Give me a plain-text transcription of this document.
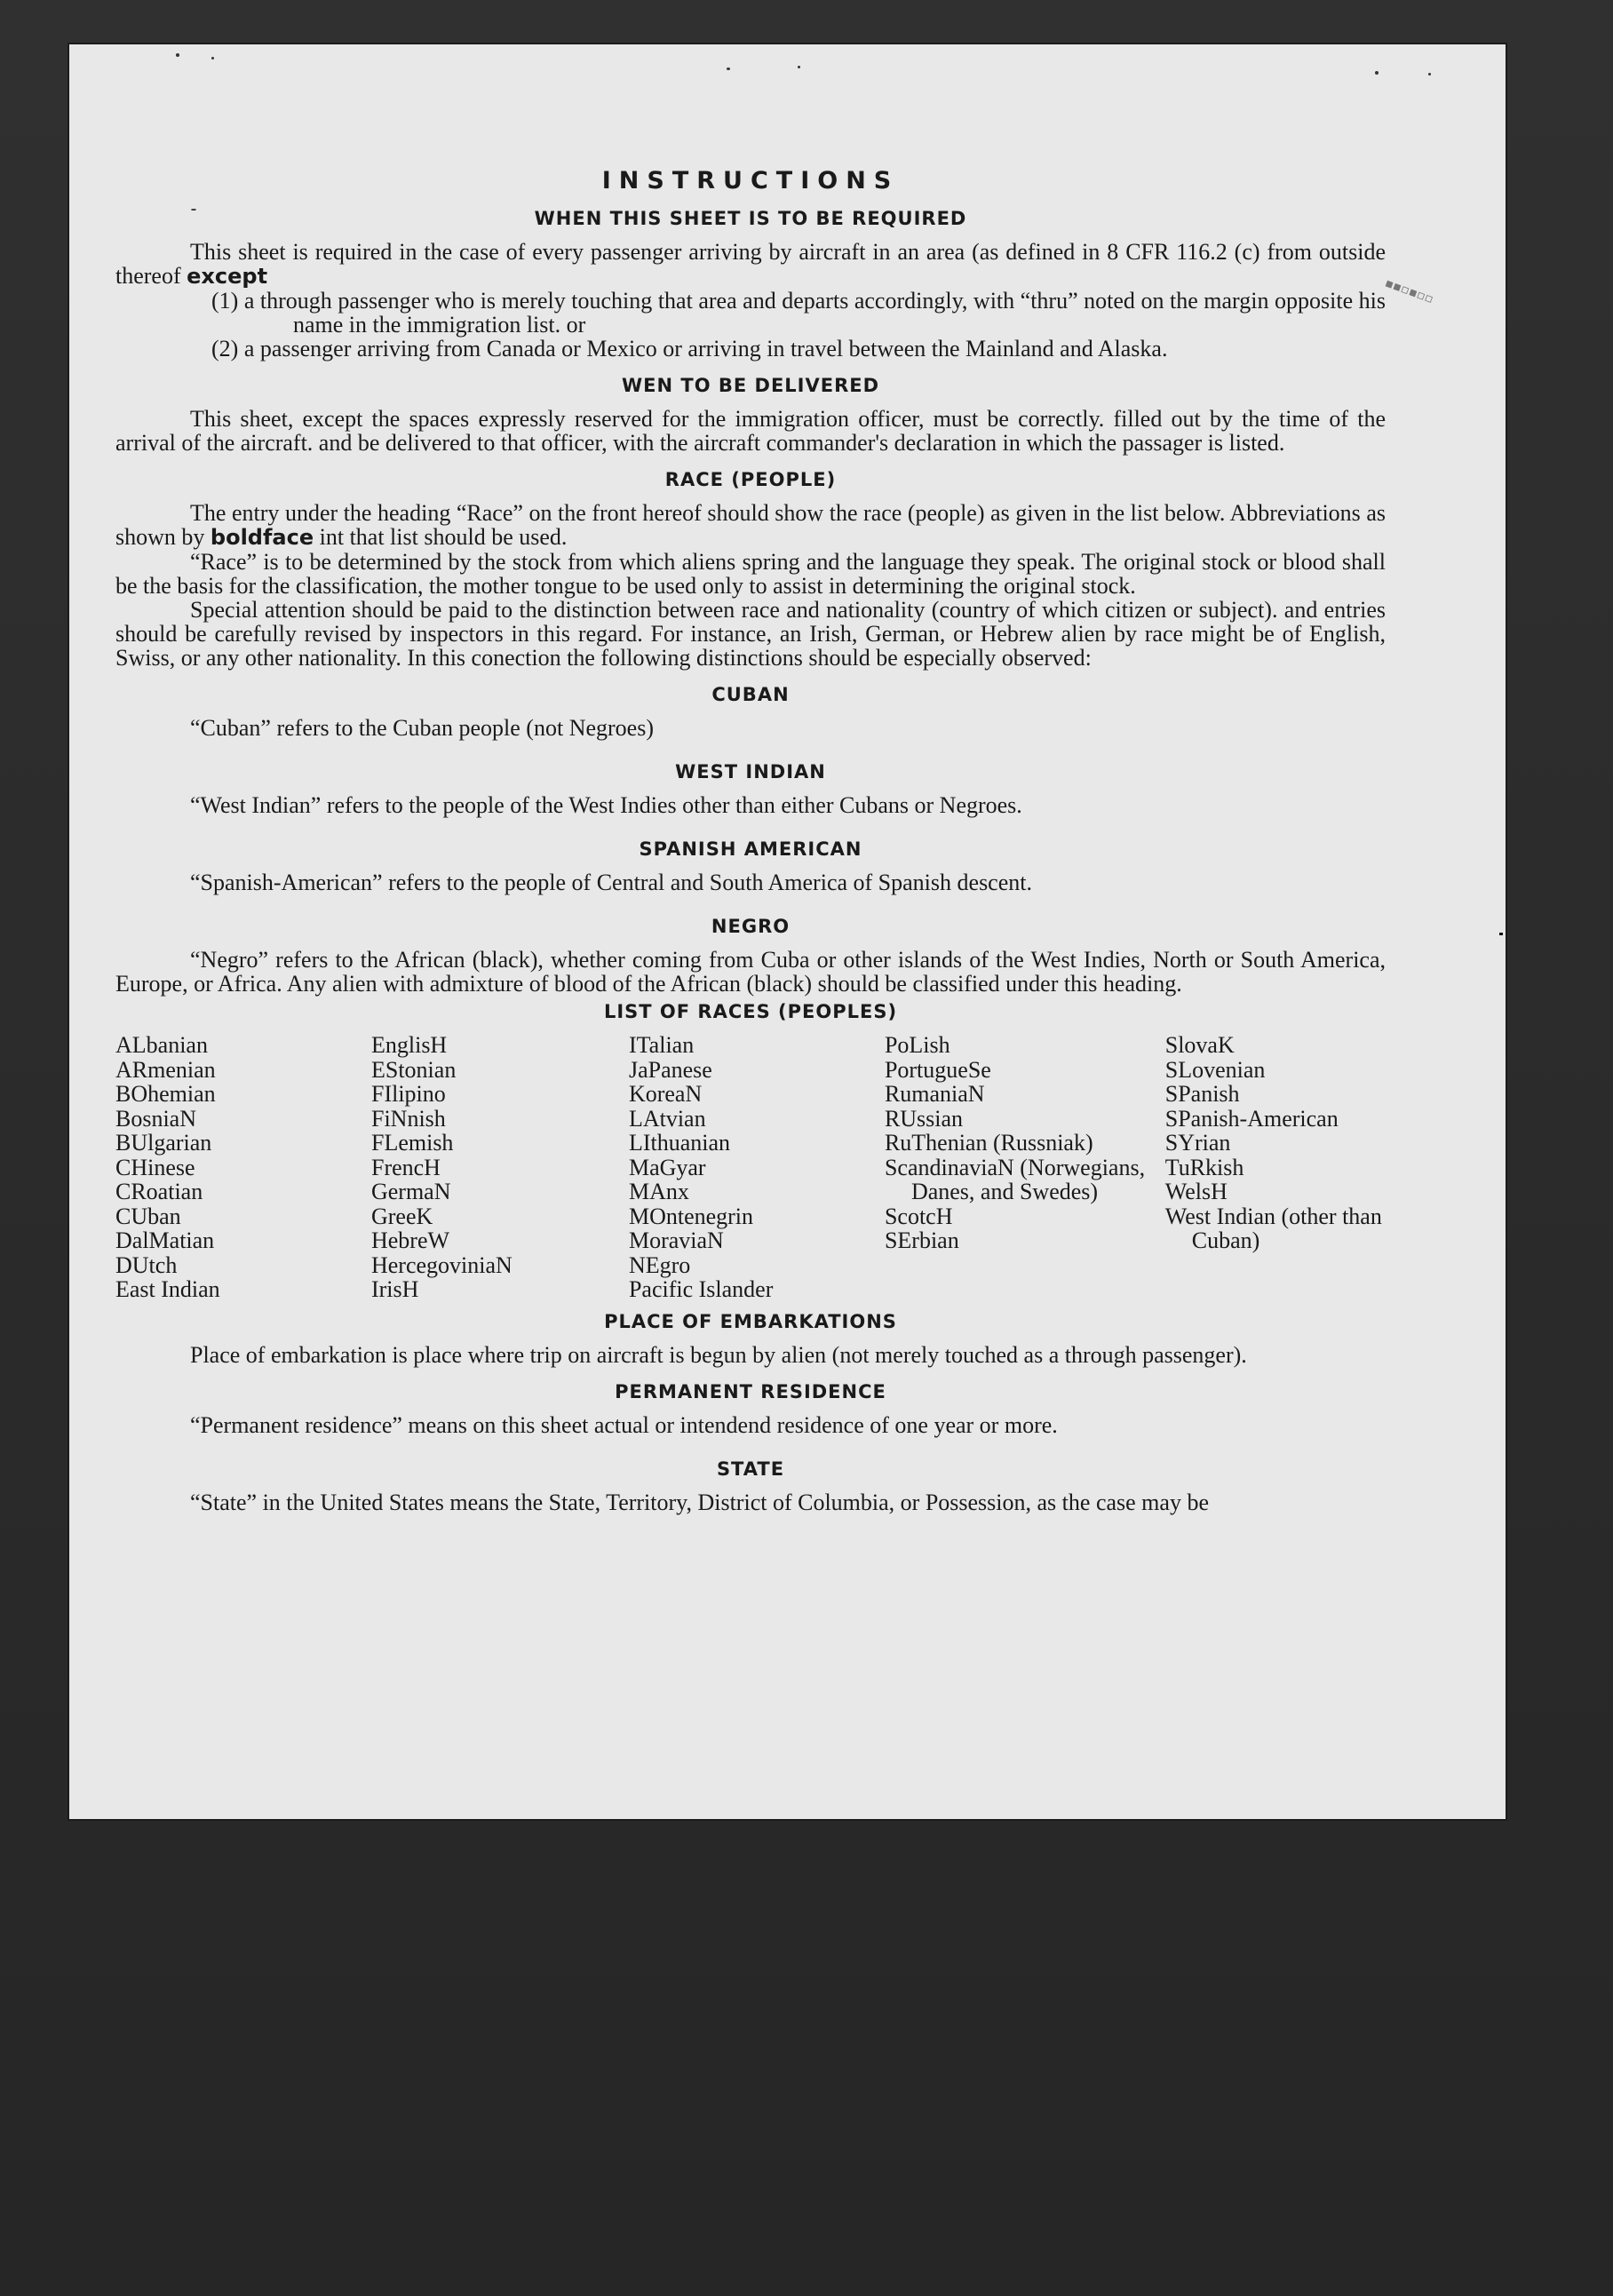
▪▪▫▪▫▫
INSTRUCTIONS
WHEN THIS SHEET IS TO BE REQUIRED

This sheet is required in the case of every passenger arriving by aircraft in an area (as defined in 8 CFR 116.2 (c) from outside thereof except

(1) a through passenger who is merely touching that area and departs accordingly, with “thru” noted on the margin opposite his name in the immigration list. or

(2) a passenger arriving from Canada or Mexico or arriving in travel between the Mainland and Alaska.

WEN TO BE DELIVERED

This sheet, except the spaces expressly reserved for the immigration officer, must be correctly. filled out by the time of the arrival of the aircraft. and be delivered to that officer, with the aircraft commander's declaration in which the passager is listed.

RACE (PEOPLE)

The entry under the heading “Race” on the front hereof should show the race (people) as given in the list below. Abbreviations as shown by boldface int that list should be used.

“Race” is to be determined by the stock from which aliens spring and the language they speak. The original stock or blood shall be the basis for the classification, the mother tongue to be used only to assist in determining the original stock.

Special attention should be paid to the distinction between race and nationality (country of which citizen or subject). and entries should be carefully revised by inspectors in this regard. For instance, an Irish, German, or Hebrew alien by race might be of English, Swiss, or any other nationality. In this conection the following distinctions should be especially observed:

CUBAN

“Cuban” refers to the Cuban people (not Negroes)

WEST INDIAN

“West Indian” refers to the people of the West Indies other than either Cubans or Negroes.

SPANISH AMERICAN

“Spanish-American” refers to the people of Central and South America of Spanish descent.

NEGRO

“Negro” refers to the African (black), whether coming from Cuba or other islands of the West Indies, North or South America, Europe, or Africa. Any alien with admixture of blood of the African (black) should be classified under this heading.

LIST OF RACES (PEOPLES)
ALbanian
ARmenian
BOhemian
BosniaN
BUlgarian
CHinese
CRoatian
CUban
DalMatian
DUtch
East Indian
EnglisH
EStonian
FIlipino
FiNnish
FLemish
FrencH
GermaN
GreeK
HebreW
HercegoviniaN
IrisH
ITalian
JaPanese
KoreaN
LAtvian
LIthuanian
MaGyar
MAnx
MOntenegrin
MoraviaN
NEgro
Pacific Islander
PoLish
PortugueSe
RumaniaN
RUssian
RuThenian (Russniak)
ScandinaviaN (Norwegians, Danes, and Swedes)
ScotcH
SErbian
SlovaK
SLovenian
SPanish
SPanish-American
SYrian
TuRkish
WelsH
West Indian (other than Cuban)
PLACE OF EMBARKATIONS

Place of embarkation is place where trip on aircraft is begun by alien (not merely touched as a through passenger).

PERMANENT RESIDENCE

“Permanent residence” means on this sheet actual or intendend residence of one year or more.

STATE

“State” in the United States means the State, Territory, District of Columbia, or Possession, as the case may be
